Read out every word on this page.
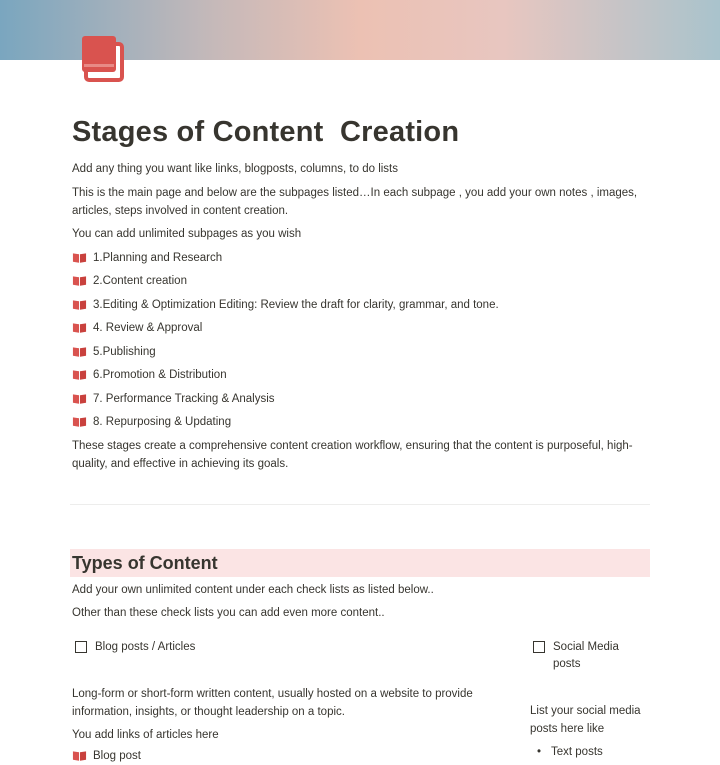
Stages of Content  Creation
Add any thing you want like links, blogposts, columns, to do lists
This is the main page and below are the subpages listed…In each subpage , you add your own notes , images, articles, steps involved in content creation.
You can add unlimited subpages as you wish
1.Planning and Research
2.Content creation
3.Editing & Optimization Editing: Review the draft for clarity, grammar, and tone.
4. Review & Approval
5.Publishing
6.Promotion & Distribution
7. Performance Tracking & Analysis
8. Repurposing & Updating
These stages create a comprehensive content creation workflow, ensuring that the content is purposeful, high-quality, and effective in achieving its goals.
Types of Content
Add your own unlimited content under each check lists as listed below..
Other than these check lists you can add even more content..
Blog posts / Articles	Social Media posts
Long-form or short-form written content, usually hosted on a website to provide information, insights, or thought leadership on a topic.
You add links of articles here
Blog post
List your social media posts here like
• Text posts
